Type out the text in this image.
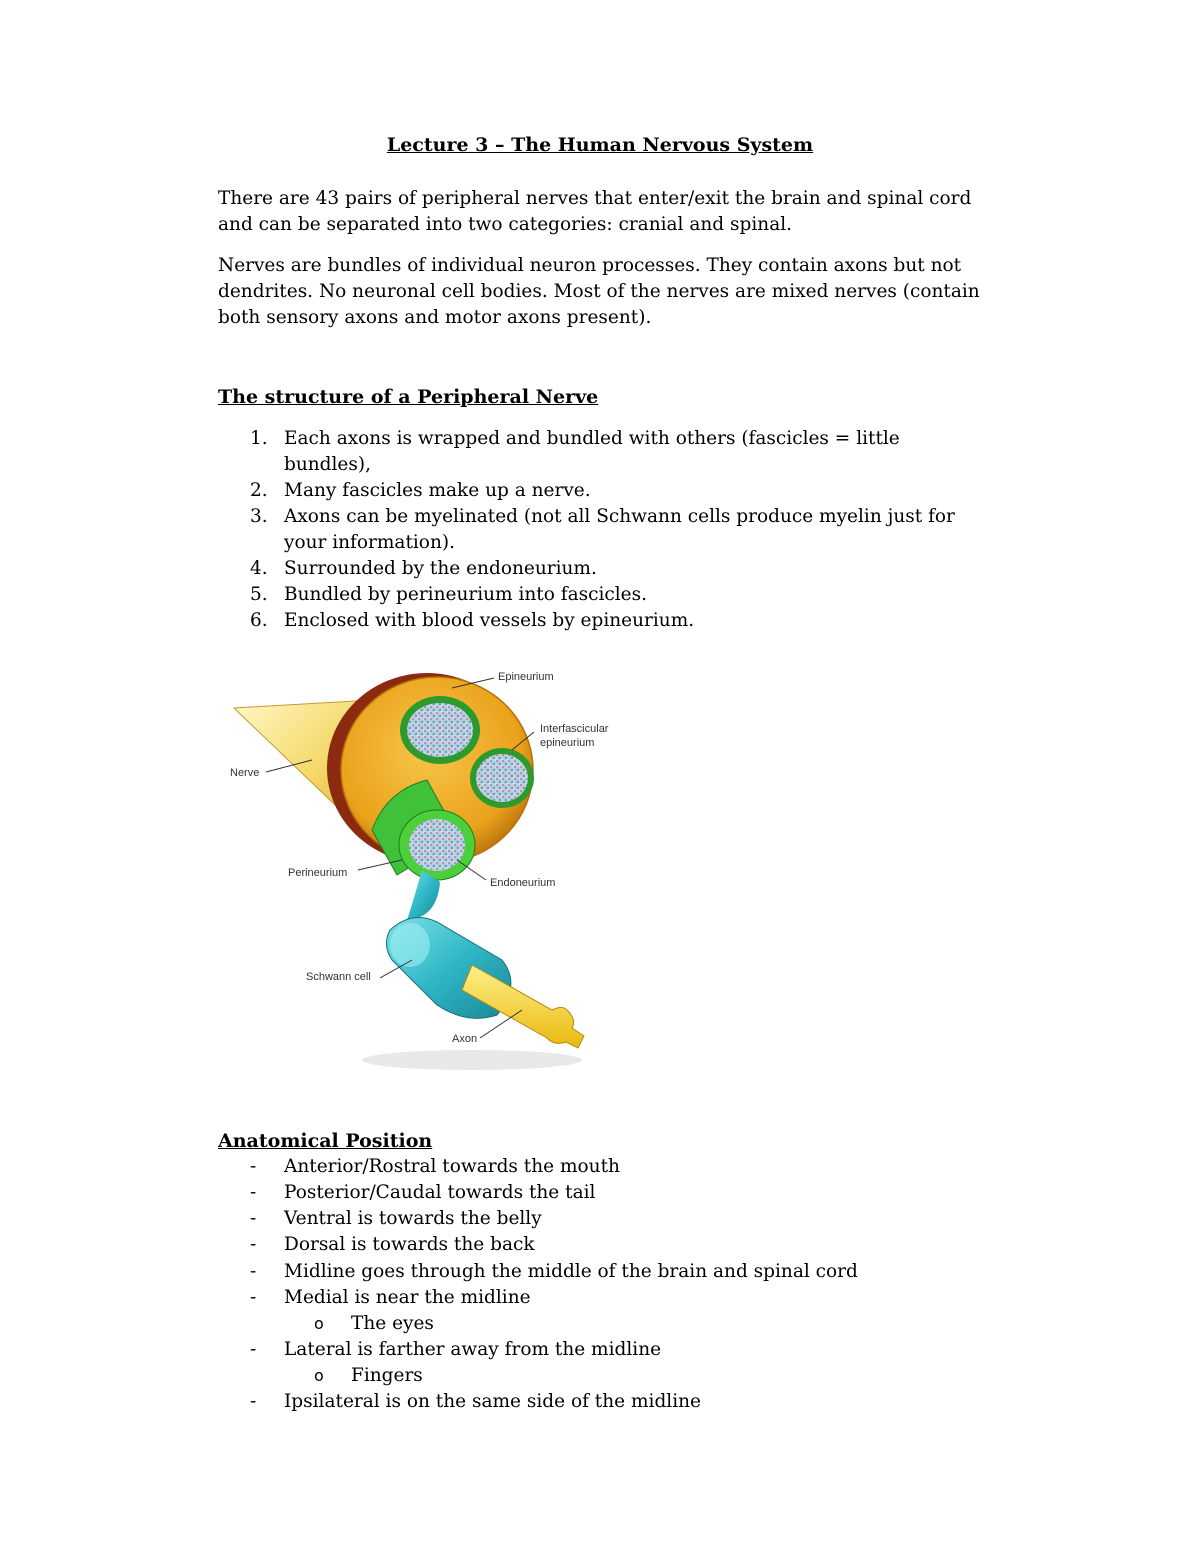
Lecture 3 – The Human Nervous System

There are 43 pairs of peripheral nerves that enter/exit the brain and spinal cord and can be separated into two categories: cranial and spinal.

Nerves are bundles of individual neuron processes. They contain axons but not dendrites. No neuronal cell bodies. Most of the nerves are mixed nerves (contain both sensory axons and motor axons present).

The structure of a Peripheral Nerve
1. Each axons is wrapped and bundled with others (fascicles = little bundles),
2. Many fascicles make up a nerve.
3. Axons can be myelinated (not all Schwann cells produce myelin just for your information).
4. Surrounded by the endoneurium.
5. Bundled by perineurium into fascicles.
6. Enclosed with blood vessels by epineurium.
Epineurium
Interfascicular
epineurium
Nerve
Perineurium
Endoneurium
Schwann cell
Axon
Anatomical Position
-	Anterior/Rostral towards the mouth
-	Posterior/Caudal towards the tail
-	Ventral is towards the belly
-	Dorsal is towards the back
-	Midline goes through the middle of the brain and spinal cord
-	Medial is near the midline
o	The eyes
-	Lateral is farther away from the midline
o	Fingers
-	Ipsilateral is on the same side of the midline
